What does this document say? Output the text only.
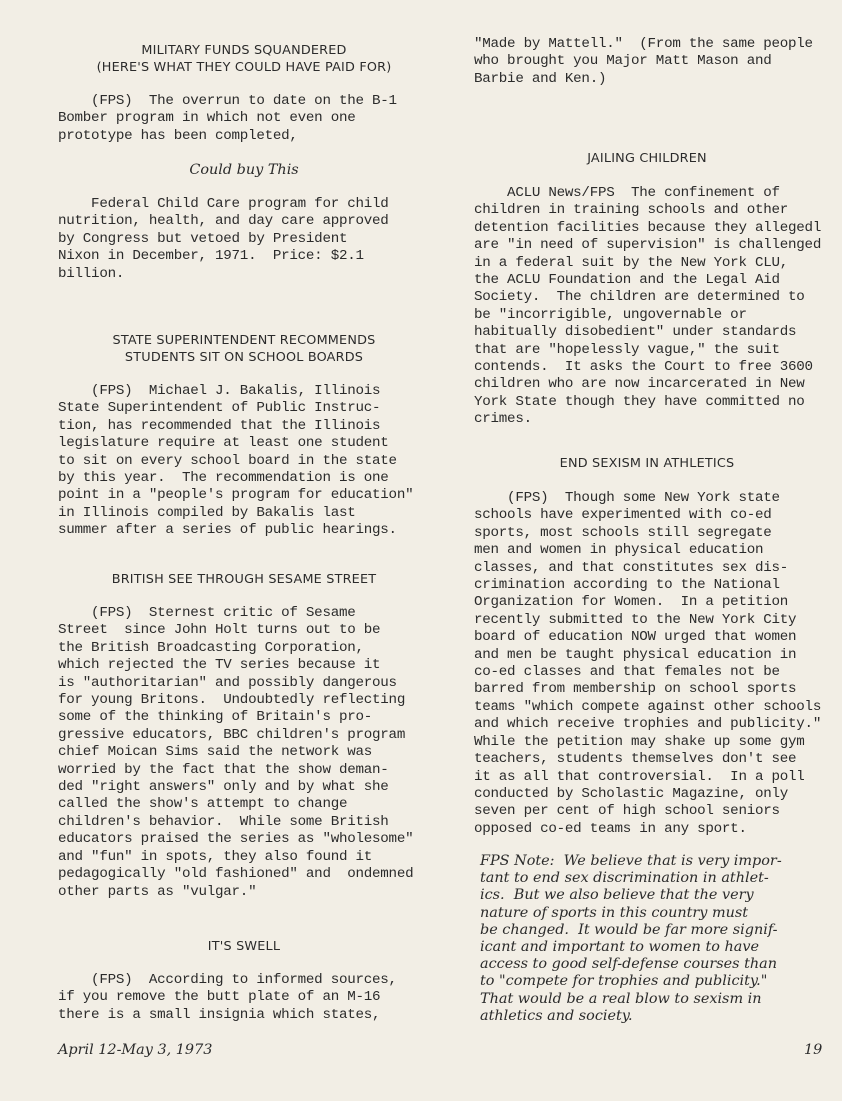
MILITARY FUNDS SQUANDERED
(HERE'S WHAT THEY COULD HAVE PAID FOR)
(FPS)  The overrun to date on the B-1
Bomber program in which not even one
prototype has been completed,
Could buy This
Federal Child Care program for child
nutrition, health, and day care approved
by Congress but vetoed by President
Nixon in December, 1971.  Price: $2.1
billion.
STATE SUPERINTENDENT RECOMMENDS
STUDENTS SIT ON SCHOOL BOARDS
(FPS)  Michael J. Bakalis, Illinois
State Superintendent of Public Instruc-
tion, has recommended that the Illinois
legislature require at least one student
to sit on every school board in the state
by this year.  The recommendation is one
point in a "people's program for education"
in Illinois compiled by Bakalis last
summer after a series of public hearings.
BRITISH SEE THROUGH SESAME STREET
(FPS)  Sternest critic of Sesame
Street  since John Holt turns out to be
the British Broadcasting Corporation,
which rejected the TV series because it
is "authoritarian" and possibly dangerous
for young Britons.  Undoubtedly reflecting
some of the thinking of Britain's pro-
gressive educators, BBC children's program
chief Moican Sims said the network was
worried by the fact that the show deman-
ded "right answers" only and by what she
called the show's attempt to change
children's behavior.  While some British
educators praised the series as "wholesome"
and "fun" in spots, they also found it
pedagogically "old fashioned" and  ondemned
other parts as "vulgar."
IT'S SWELL
(FPS)  According to informed sources,
if you remove the butt plate of an M-16
there is a small insignia which states,
"Made by Mattell."  (From the same people
who brought you Major Matt Mason and
Barbie and Ken.)
JAILING CHILDREN
ACLU News/FPS  The confinement of
children in training schools and other
detention facilities because they allegedl
are "in need of supervision" is challenged
in a federal suit by the New York CLU,
the ACLU Foundation and the Legal Aid
Society.  The children are determined to
be "incorrigible, ungovernable or
habitually disobedient" under standards
that are "hopelessly vague," the suit
contends.  It asks the Court to free 3600
children who are now incarcerated in New
York State though they have committed no
crimes.
END SEXISM IN ATHLETICS
(FPS)  Though some New York state
schools have experimented with co-ed
sports, most schools still segregate
men and women in physical education
classes, and that constitutes sex dis-
crimination according to the National
Organization for Women.  In a petition
recently submitted to the New York City
board of education NOW urged that women
and men be taught physical education in
co-ed classes and that females not be
barred from membership on school sports
teams "which compete against other schools
and which receive trophies and publicity."
While the petition may shake up some gym
teachers, students themselves don't see
it as all that controversial.  In a poll
conducted by Scholastic Magazine, only
seven per cent of high school seniors
opposed co-ed teams in any sport.
FPS Note:  We believe that is very impor-
tant to end sex discrimination in athlet-
ics.  But we also believe that the very
nature of sports in this country must
be changed.  It would be far more signif-
icant and important to women to have
access to good self-defense courses than
to "compete for trophies and publicity."
That would be a real blow to sexism in
athletics and society.
April 12-May 3, 1973	19
